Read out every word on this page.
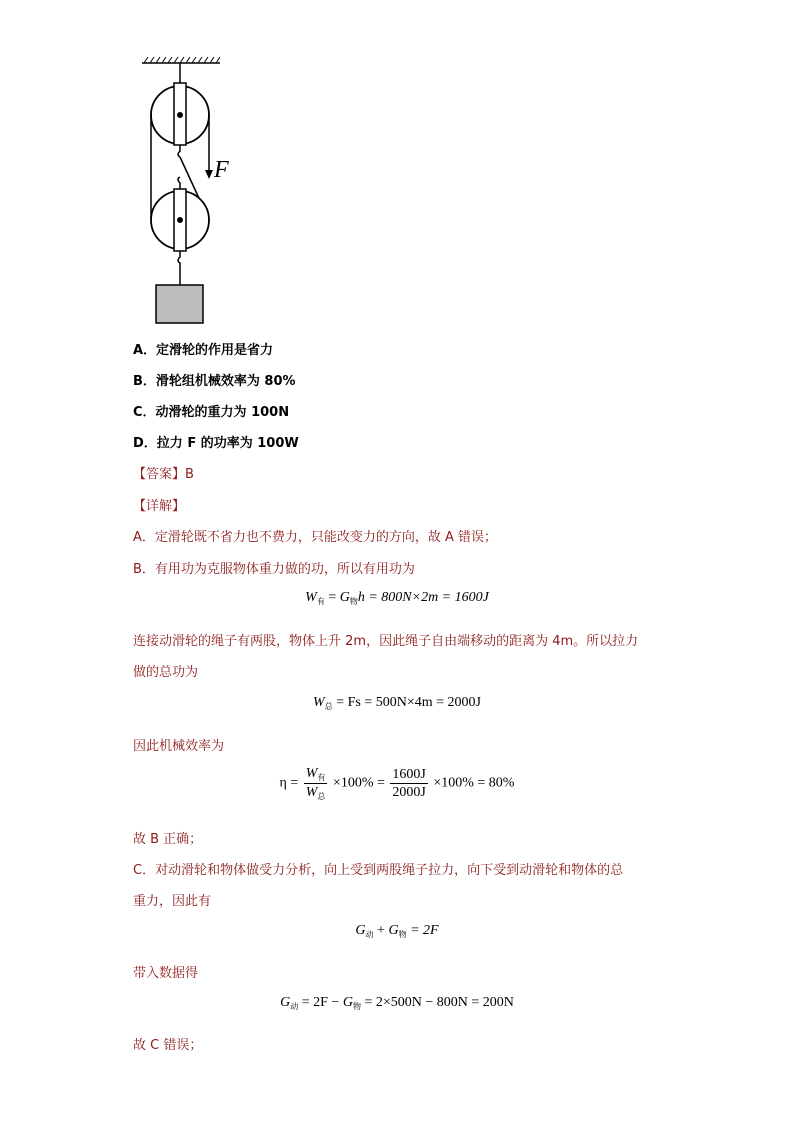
F
A．定滑轮的作用是省力
B．滑轮组机械效率为 80%
C．动滑轮的重力为 100N
D．拉力 F 的功率为 100W
【答案】B
【详解】
A．定滑轮既不省力也不费力，只能改变力的方向，故 A 错误；
B．有用功为克服物体重力做的功，所以有用功为
$W_有 = G_物h = 800N\times 2m = 1600J$
连接动滑轮的绳子有两股，物体上升 2m，因此绳子自由端移动的距离为 4m。所以拉力
做的总功为
$W_总 = Fs = 500N\times 4m = 2000J$
因此机械效率为
$\eta = \frac{W_有}{W_总} \times 100\% = \frac{1600J}{2000J} \times 100\% = 80\%$
故 B 正确；
C．对动滑轮和物体做受力分析，向上受到两股绳子拉力，向下受到动滑轮和物体的总
重力，因此有
$G_动 + G_物 = 2F$
带入数据得
$G_动 = 2F - G_物 = 2\times 500N - 800N = 200N$
故 C 错误；
